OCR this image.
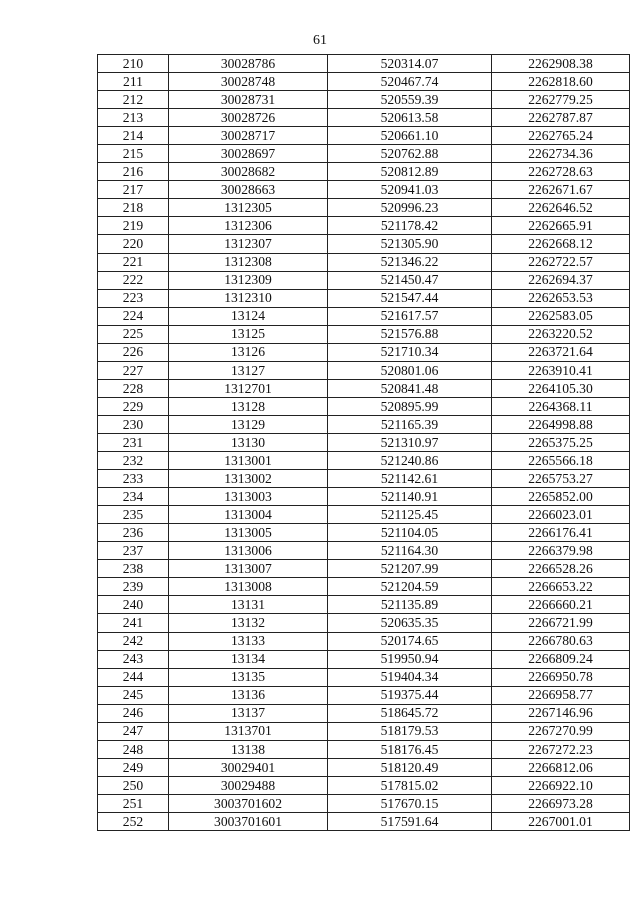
61
210	30028786	520314.07	2262908.38
211	30028748	520467.74	2262818.60
212	30028731	520559.39	2262779.25
213	30028726	520613.58	2262787.87
214	30028717	520661.10	2262765.24
215	30028697	520762.88	2262734.36
216	30028682	520812.89	2262728.63
217	30028663	520941.03	2262671.67
218	1312305	520996.23	2262646.52
219	1312306	521178.42	2262665.91
220	1312307	521305.90	2262668.12
221	1312308	521346.22	2262722.57
222	1312309	521450.47	2262694.37
223	1312310	521547.44	2262653.53
224	13124	521617.57	2262583.05
225	13125	521576.88	2263220.52
226	13126	521710.34	2263721.64
227	13127	520801.06	2263910.41
228	1312701	520841.48	2264105.30
229	13128	520895.99	2264368.11
230	13129	521165.39	2264998.88
231	13130	521310.97	2265375.25
232	1313001	521240.86	2265566.18
233	1313002	521142.61	2265753.27
234	1313003	521140.91	2265852.00
235	1313004	521125.45	2266023.01
236	1313005	521104.05	2266176.41
237	1313006	521164.30	2266379.98
238	1313007	521207.99	2266528.26
239	1313008	521204.59	2266653.22
240	13131	521135.89	2266660.21
241	13132	520635.35	2266721.99
242	13133	520174.65	2266780.63
243	13134	519950.94	2266809.24
244	13135	519404.34	2266950.78
245	13136	519375.44	2266958.77
246	13137	518645.72	2267146.96
247	1313701	518179.53	2267270.99
248	13138	518176.45	2267272.23
249	30029401	518120.49	2266812.06
250	30029488	517815.02	2266922.10
251	3003701602	517670.15	2266973.28
252	3003701601	517591.64	2267001.01
